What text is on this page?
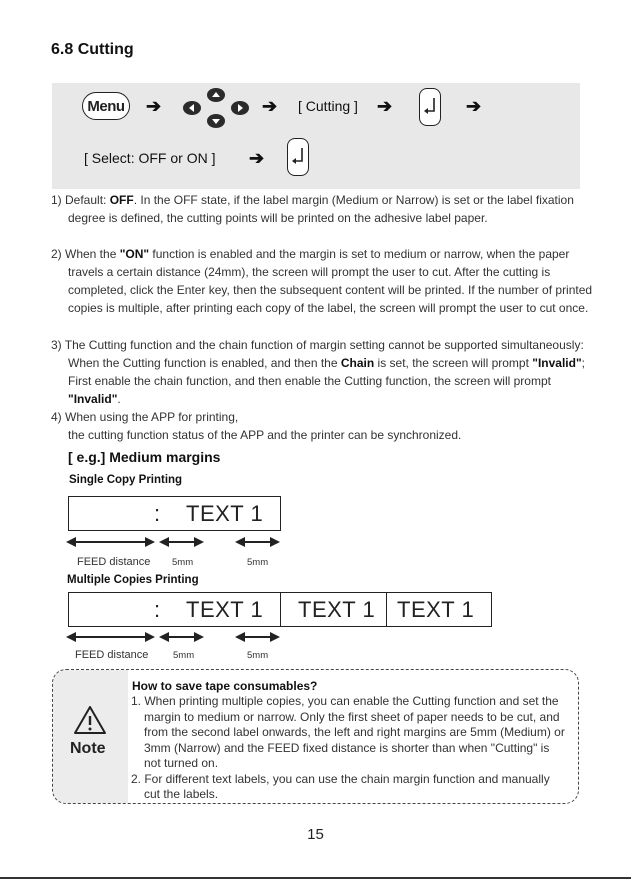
6.8 Cutting
Menu	➔	➔ [ Cutting ] ➔	➔
[ Select: OFF or ON ] ➔
1) Default: OFF. In the OFF state, if the label margin (Medium or Narrow) is set or the label fixation degree is defined, the cutting points will be printed on the adhesive label paper.
2) When the "ON" function is enabled and the margin is set to medium or narrow, when the paper travels a certain distance (24mm), the screen will prompt the user to cut. After the cutting is completed, click the Enter key, then the subsequent content will be printed. If the number of printed copies is multiple, after printing each copy of the label, the screen will prompt the user to cut once.
3) The Cutting function and the chain function of margin setting cannot be supported simultaneously: When the Cutting function is enabled, and then the Chain is set, the screen will prompt "Invalid"; First enable the chain function, and then enable the Cutting function, the screen will prompt "Invalid".
4) When using the APP for printing,
the cutting function status of the APP and the printer can be synchronized.
[ e.g.] Medium margins
Single Copy Printing
: TEXT 1
FEED distance 5mm	5mm
Multiple Copies Printing
: TEXT 1 TEXT 1 TEXT 1
FEED distance	5mm	5mm
Note
How to save tape consumables?
1. When printing multiple copies, you can enable the Cutting function and set the margin to medium or narrow. Only the first sheet of paper needs to be cut, and from the second label onwards, the left and right margins are 5mm (Medium) or 3mm (Narrow) and the FEED fixed distance is shorter than when "Cutting" is not turned on.
2. For different text labels, you can use the chain margin function and manually cut the labels.
15
